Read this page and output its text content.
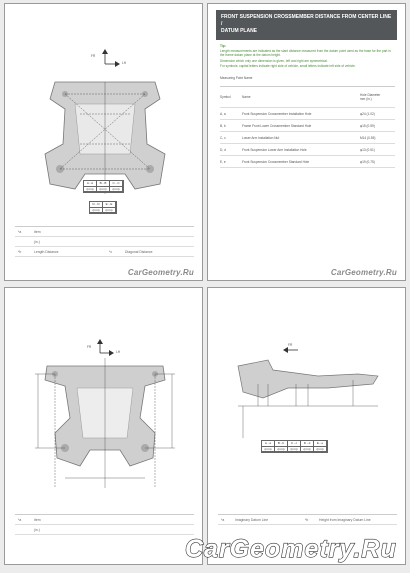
FR
LH
A - A	B - B	C - C
(mm)	(mm)	(mm)
D - D	E - E
(mm)	(mm)
*a	Item
(in.)
*b	Length Distance	*c	Diagonal Distance
CarGeometry.Ru
FRONT SUSPENSION CROSSMEMBER DISTANCE FROM CENTER LINE /
DATUM PLANE
Tip:
Length measurements are indicated as the slant distance measured from the datum point used as the base for the part in the frame datum plane at the datum height.
Dimension which only one dimension is given, left and right are symmetrical.
For symbols: capital letters indicate right side of vehicle, small letters indicate left side of vehicle.
Measuring Point Name
Symbol	Name	Hole Diameter
mm (in.)
A, a	Front Suspension Crossmember Installation Hole	φ24 (1.02)
B, b	Frame Front Lower Crossmember Standard Hole	φ15 (0.59)
C, c	Lower Arm Installation Nut	M14 (0.55)
D, d	Front Suspension Lower Arm Installation Hole	φ13 (0.51)
E, e	Front Suspension Crossmember Standard Hole	φ19 (0.75)
CarGeometry.Ru
FR
LH
*a	Item
(in.)
FR
A - a	B - b	C - c	D - d	E - e
(mm)	(mm)	(mm)	(mm)	(mm)
*a	Imaginary Datum Line	*b	Height from Imaginary Datum Line
CarGeometry.Ru
